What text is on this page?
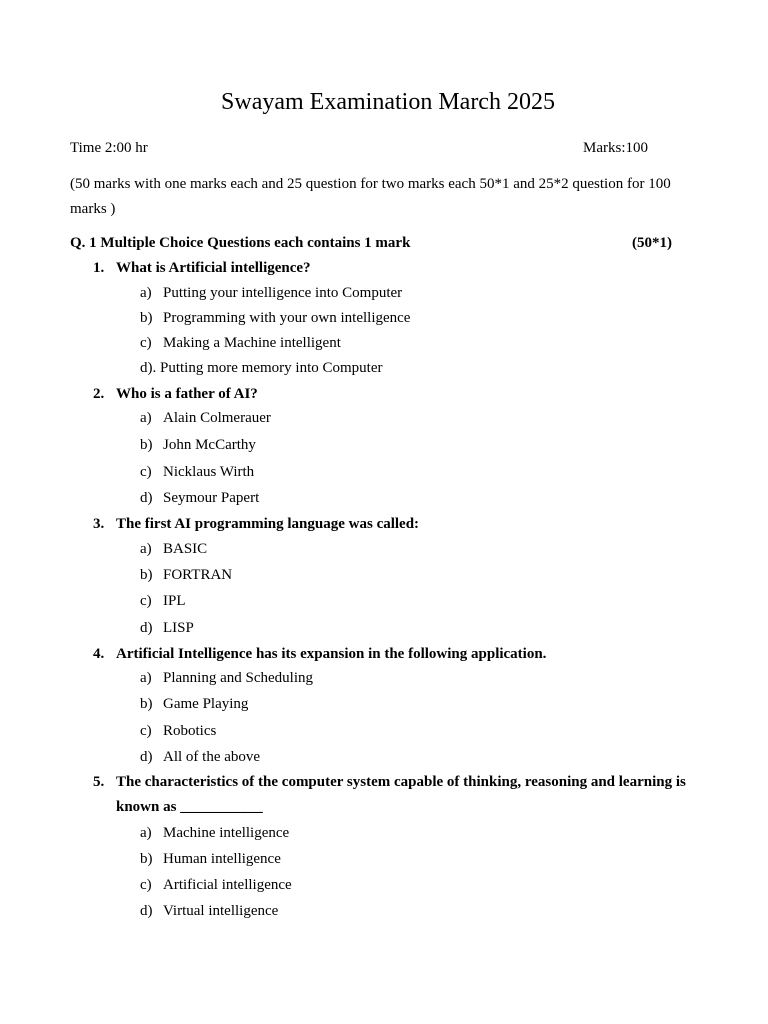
Swayam Examination March 2025
Time 2:00 hr	Marks:100
(50 marks with one marks each and 25 question for two marks each 50*1 and 25*2 question for 100 marks )
Q. 1 Multiple Choice Questions each contains 1 mark	(50*1)
1. What is Artificial intelligence?
a) Putting your intelligence into Computer
b) Programming with your own intelligence
c) Making a Machine intelligent
d). Putting more memory into Computer
2. Who is a father of AI?
a) Alain Colmerauer
b) John McCarthy
c) Nicklaus Wirth
d) Seymour Papert
3. The first AI programming language was called:
a) BASIC
b) FORTRAN
c) IPL
d) LISP
4. Artificial Intelligence has its expansion in the following application.
a) Planning and Scheduling
b) Game Playing
c) Robotics
d) All of the above
5. The characteristics of the computer system capable of thinking, reasoning and learning is known as ___________
a) Machine intelligence
b) Human intelligence
c) Artificial intelligence
d) Virtual intelligence
